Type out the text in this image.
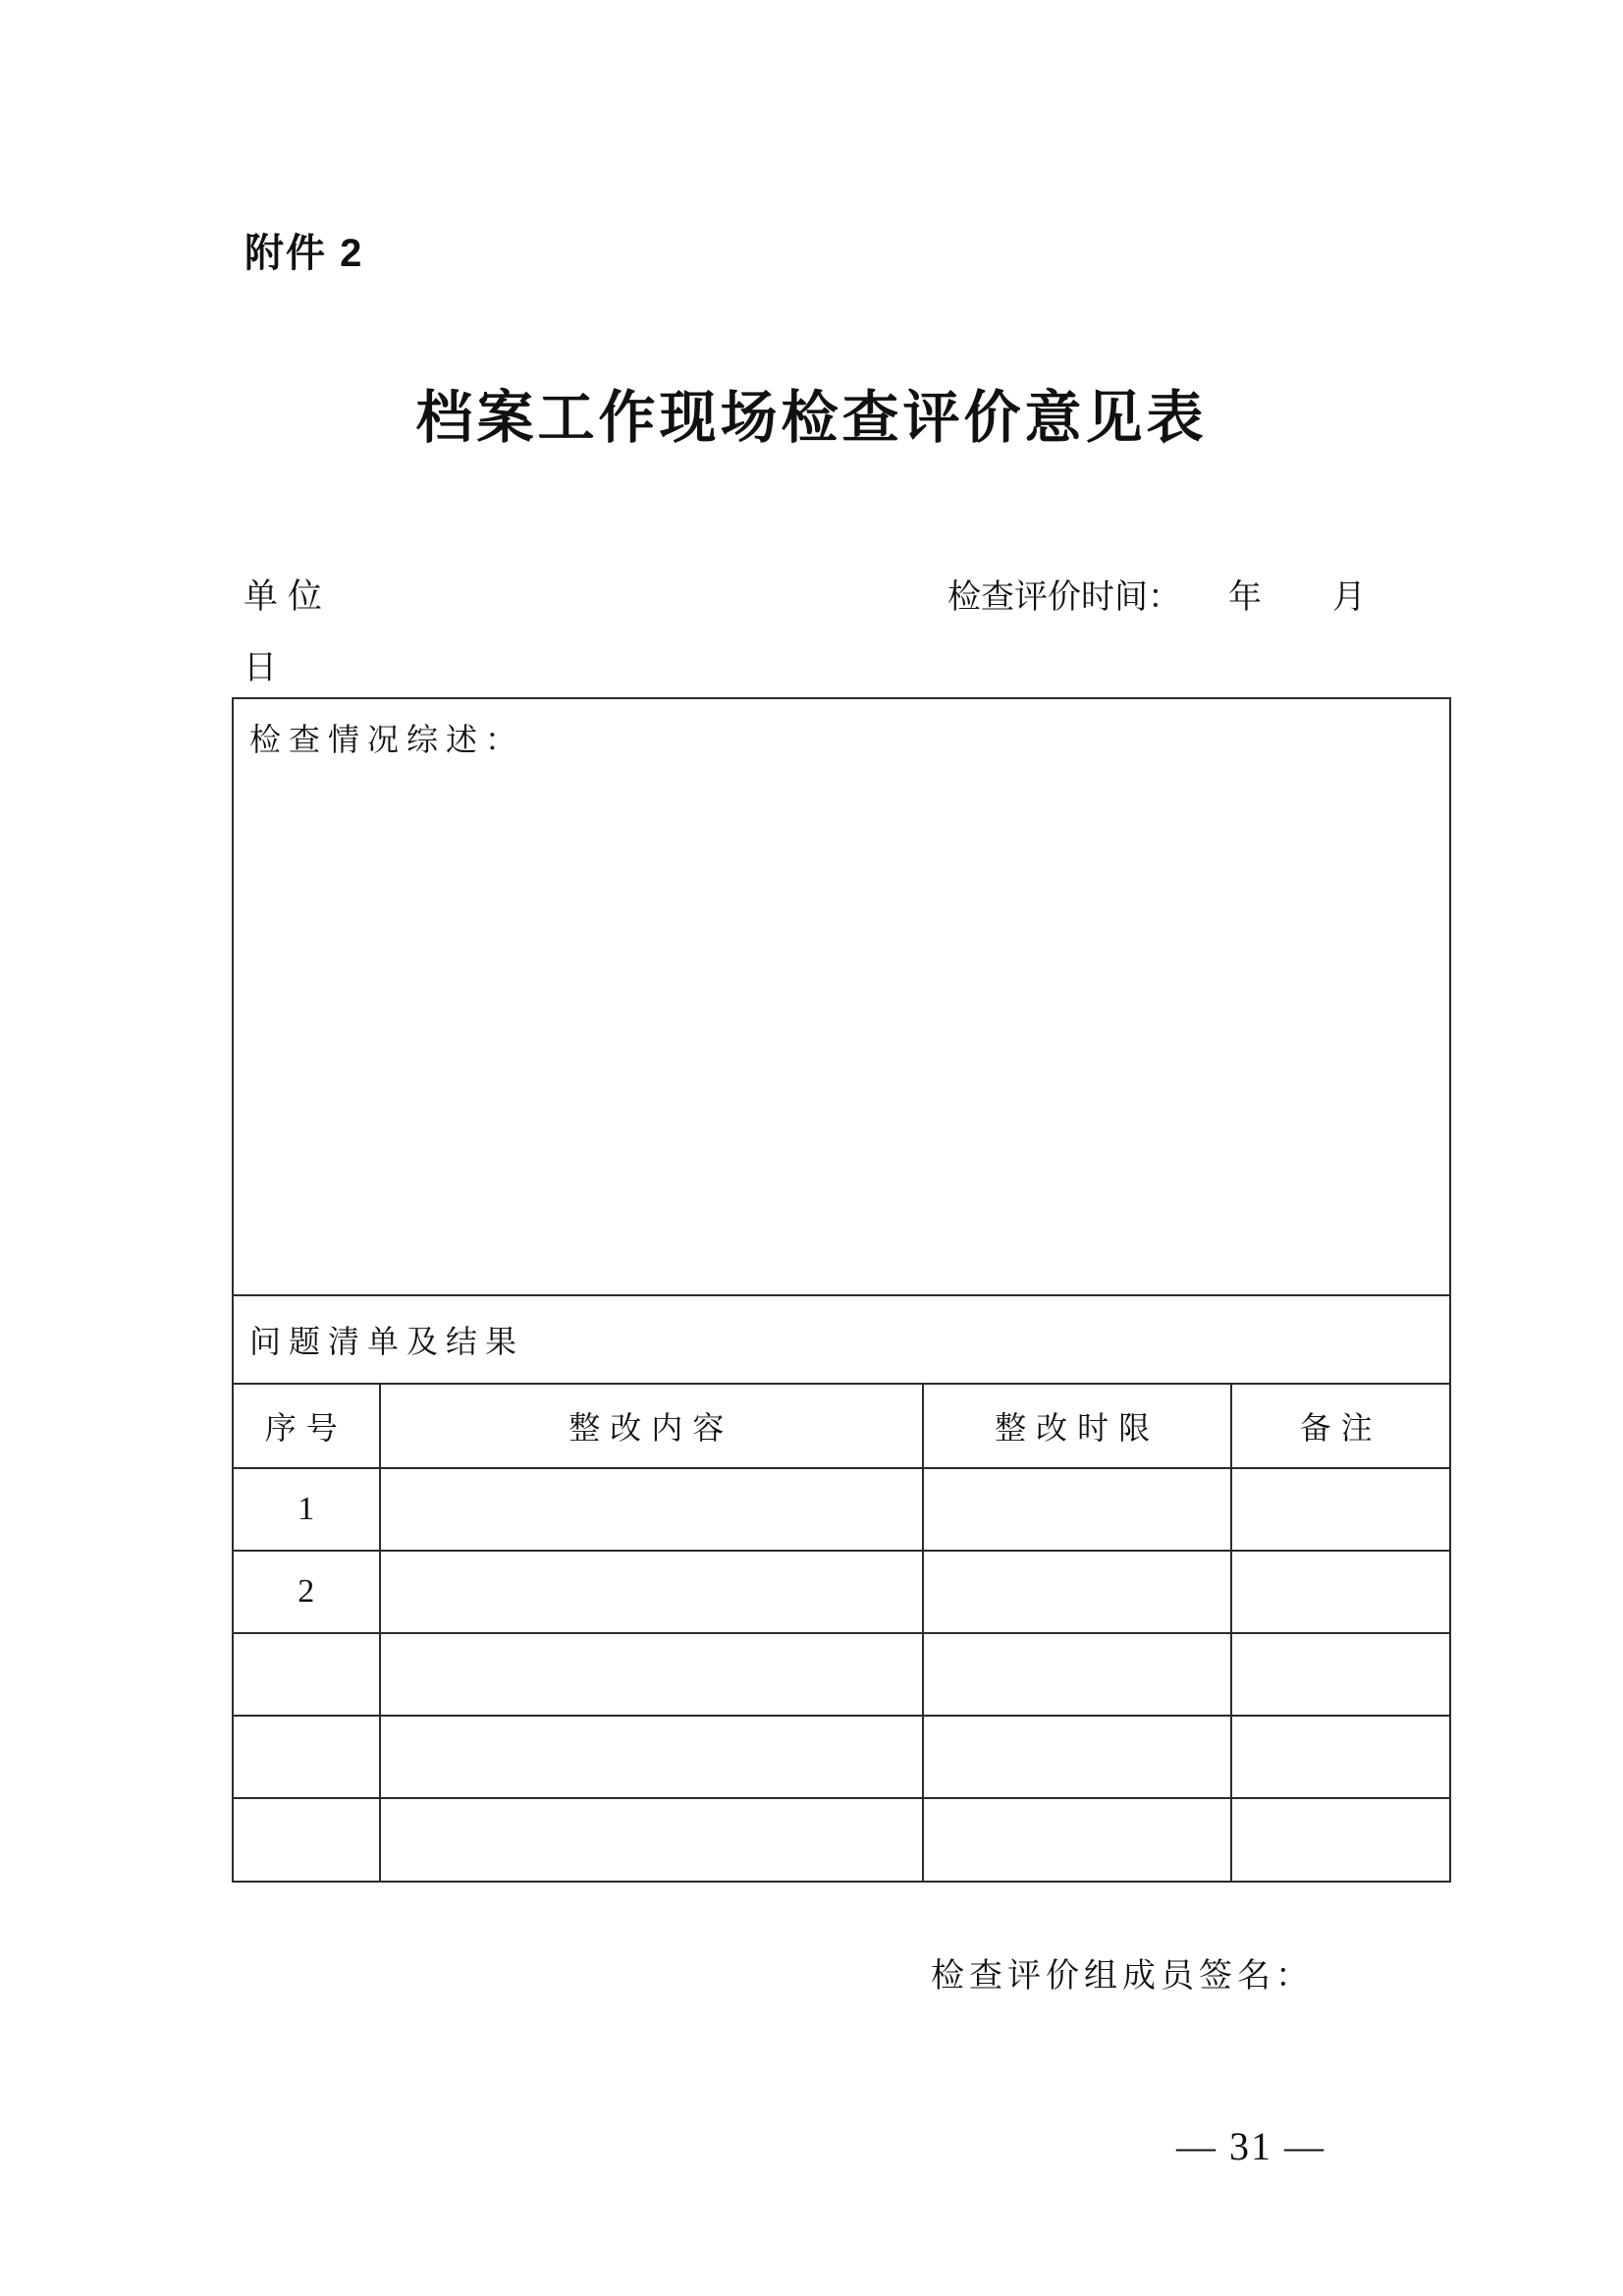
附件 2
档案工作现场检查评价意见表
单位	检查评价时间： 年 月
日
检查情况综述：
问题清单及结果
序号	整改内容	整改时限	备注
1			
2			

检查评价组成员签名：
— 31 —
